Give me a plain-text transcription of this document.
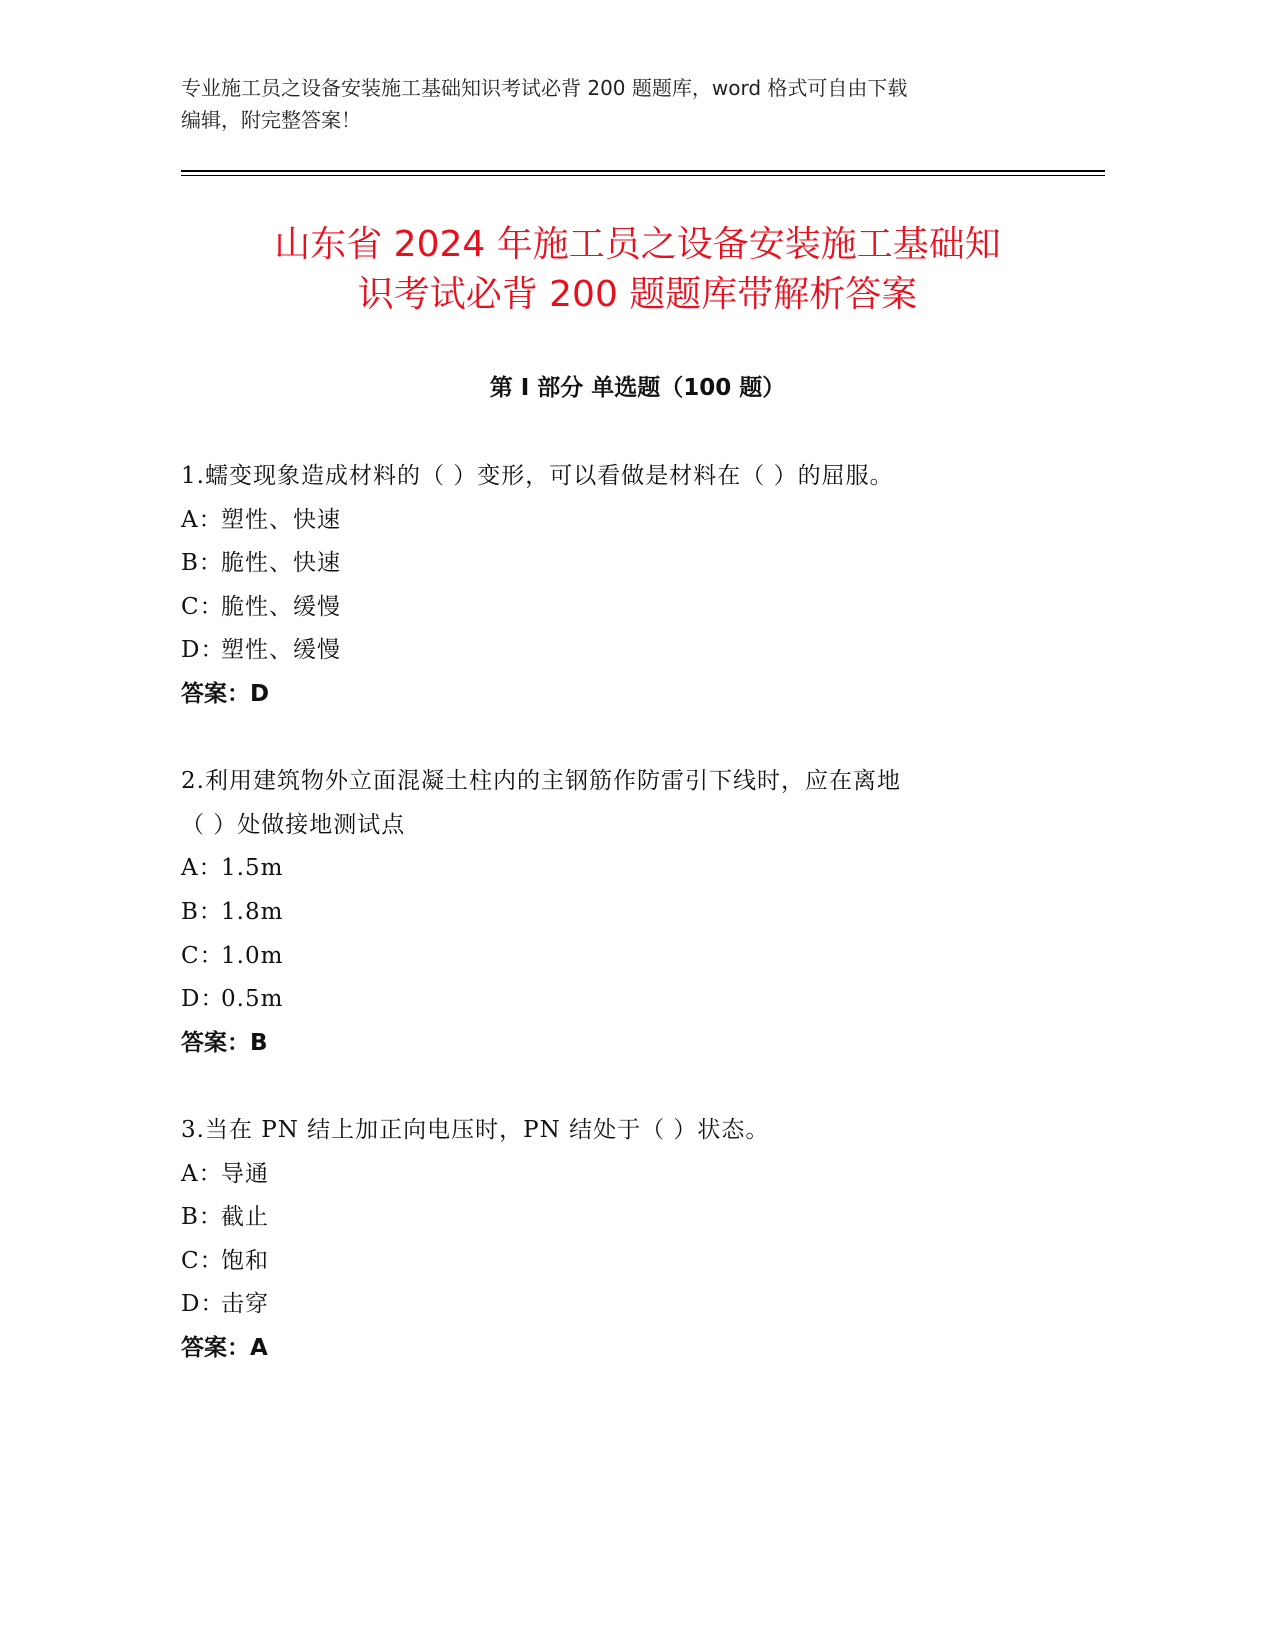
专业施工员之设备安装施工基础知识考试必背 200 题题库，word 格式可自由下载
编辑，附完整答案！
山东省 2024 年施工员之设备安装施工基础知
识考试必背 200 题题库带解析答案
第 I 部分 单选题（100 题）
1.蠕变现象造成材料的（ ）变形，可以看做是材料在（ ）的屈服。
A：塑性、快速
B：脆性、快速
C：脆性、缓慢
D：塑性、缓慢
答案：D
2.利用建筑物外立面混凝土柱内的主钢筋作防雷引下线时，应在离地
（ ）处做接地测试点
A：1.5m
B：1.8m
C：1.0m
D：0.5m
答案：B
3.当在 PN 结上加正向电压时，PN 结处于（ ）状态。
A：导通
B：截止
C：饱和
D：击穿
答案：A
